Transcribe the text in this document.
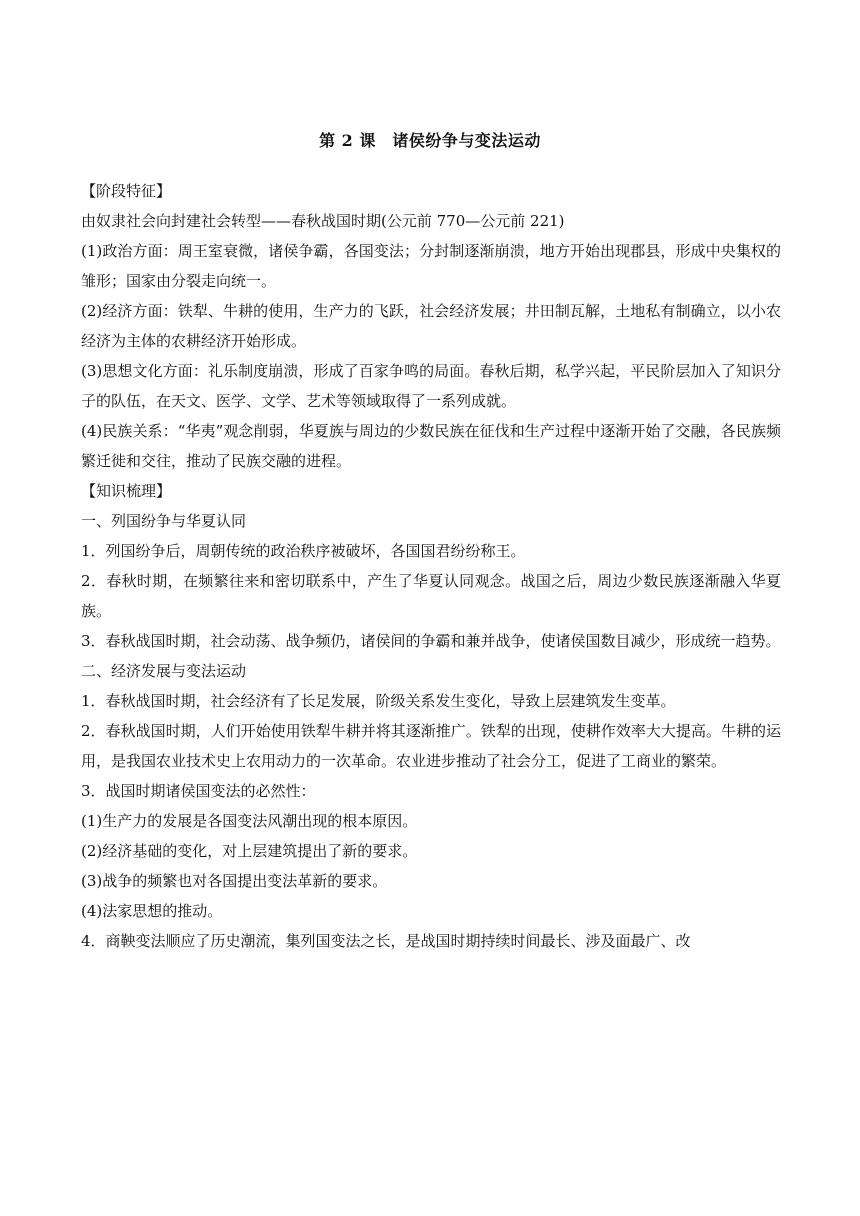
第 2 课　诸侯纷争与变法运动

【阶段特征】

由奴隶社会向封建社会转型——春秋战国时期(公元前 770—公元前 221)

(1)政治方面：周王室衰微，诸侯争霸，各国变法；分封制逐渐崩溃，地方开始出现郡县，形成中央集权的雏形；国家由分裂走向统一。

(2)经济方面：铁犁、牛耕的使用，生产力的飞跃，社会经济发展；井田制瓦解，土地私有制确立，以小农经济为主体的农耕经济开始形成。

(3)思想文化方面：礼乐制度崩溃，形成了百家争鸣的局面。春秋后期，私学兴起，平民阶层加入了知识分子的队伍，在天文、医学、文学、艺术等领域取得了一系列成就。

(4)民族关系：“华夷”观念削弱，华夏族与周边的少数民族在征伐和生产过程中逐渐开始了交融，各民族频繁迁徙和交往，推动了民族交融的进程。

【知识梳理】

一、列国纷争与华夏认同

1．列国纷争后，周朝传统的政治秩序被破坏，各国国君纷纷称王。

2．春秋时期，在频繁往来和密切联系中，产生了华夏认同观念。战国之后，周边少数民族逐渐融入华夏族。

3．春秋战国时期，社会动荡、战争频仍，诸侯间的争霸和兼并战争，使诸侯国数目减少，形成统一趋势。

二、经济发展与变法运动

1．春秋战国时期，社会经济有了长足发展，阶级关系发生变化，导致上层建筑发生变革。

2．春秋战国时期，人们开始使用铁犁牛耕并将其逐渐推广。铁犁的出现，使耕作效率大大提高。牛耕的运用，是我国农业技术史上农用动力的一次革命。农业进步推动了社会分工，促进了工商业的繁荣。

3．战国时期诸侯国变法的必然性：

(1)生产力的发展是各国变法风潮出现的根本原因。

(2)经济基础的变化，对上层建筑提出了新的要求。

(3)战争的频繁也对各国提出变法革新的要求。

(4)法家思想的推动。

4．商鞅变法顺应了历史潮流，集列国变法之长，是战国时期持续时间最长、涉及面最广、改
